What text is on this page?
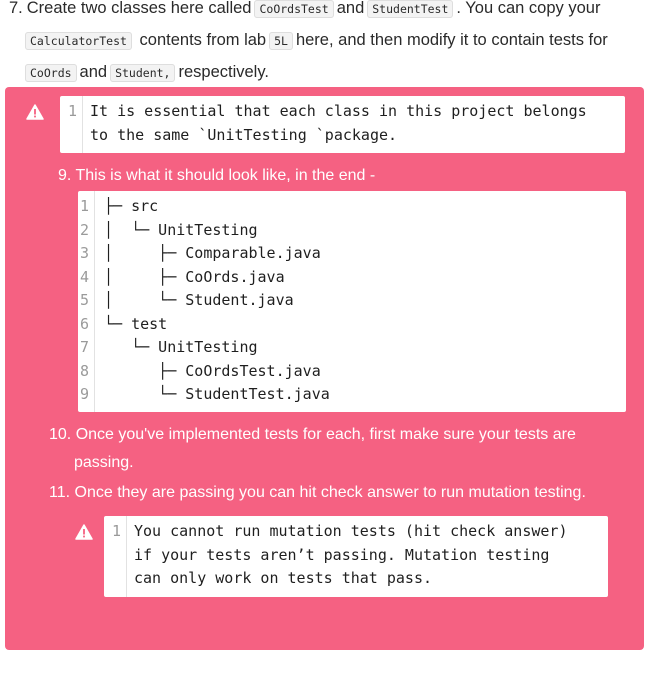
7. Create two classes here called CoOrdsTest and StudentTest . You can copy your
CalculatorTest contents from lab 5L here, and then modify it to contain tests for
CoOrds and Student, respectively.
1 It is essential that each class in this project belongs
to the same `UnitTesting `package.
9. This is what it should look like, in the end -
1
2
3
4
5
6
7
8
9
├─ src
│  └─ UnitTesting
│     ├─ Comparable.java
│     ├─ CoOrds.java
│     └─ Student.java
└─ test
└─ UnitTesting
├─ CoOrdsTest.java
└─ StudentTest.java
10. Once you've implemented tests for each, first make sure your tests are
passing.
11. Once they are passing you can hit check answer to run mutation testing.
1 You cannot run mutation tests (hit check answer)
if your tests aren’t passing. Mutation testing
can only work on tests that pass.
